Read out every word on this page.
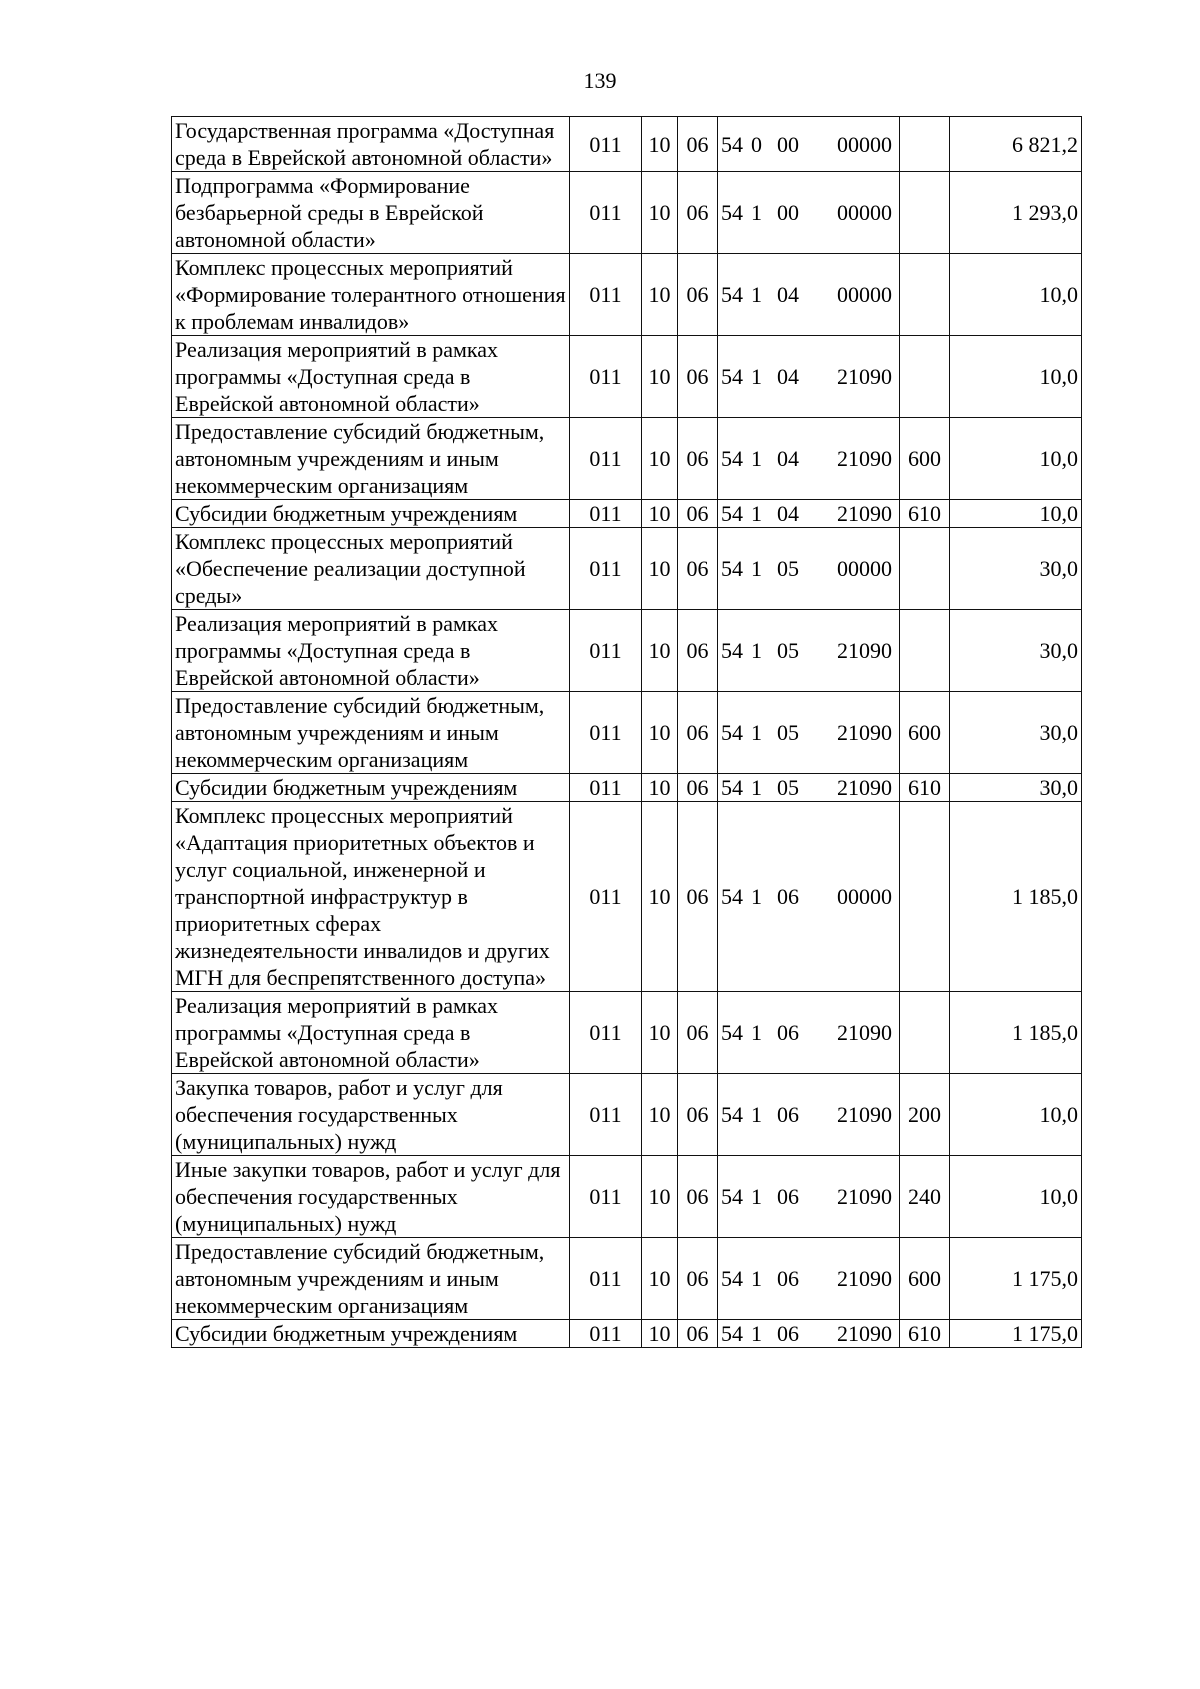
139
Государственная программа «Доступная среда в Еврейской автономной области»	011	10	06	54 0 00 00000		6 821,2
Подпрограмма «Формирование безбарьерной среды в Еврейской автономной области»	011	10	06	54 1 00 00000		1 293,0
Комплекс процессных мероприятий «Формирование толерантного отношения к проблемам инвалидов»	011	10	06	54 1 04 00000		10,0
Реализация мероприятий в рамках программы «Доступная среда в Еврейской автономной области»	011	10	06	54 1 04 21090		10,0
Предоставление субсидий бюджетным, автономным учреждениям и иным некоммерческим организациям	011	10	06	54 1 04 21090	600	10,0
Субсидии бюджетным учреждениям	011	10	06	54 1 04 21090	610	10,0
Комплекс процессных мероприятий «Обеспечение реализации доступной среды»	011	10	06	54 1 05 00000		30,0
Реализация мероприятий в рамках программы «Доступная среда в Еврейской автономной области»	011	10	06	54 1 05 21090		30,0
Предоставление субсидий бюджетным, автономным учреждениям и иным некоммерческим организациям	011	10	06	54 1 05 21090	600	30,0
Субсидии бюджетным учреждениям	011	10	06	54 1 05 21090	610	30,0
Комплекс процессных мероприятий «Адаптация приоритетных объектов и услуг социальной, инженерной и транспортной инфраструктур в приоритетных сферах жизнедеятельности инвалидов и других МГН для беспрепятственного доступа»	011	10	06	54 1 06 00000		1 185,0
Реализация мероприятий в рамках программы «Доступная среда в Еврейской автономной области»	011	10	06	54 1 06 21090		1 185,0
Закупка товаров, работ и услуг для обеспечения государственных (муниципальных) нужд	011	10	06	54 1 06 21090	200	10,0
Иные закупки товаров, работ и услуг для обеспечения государственных (муниципальных) нужд	011	10	06	54 1 06 21090	240	10,0
Предоставление субсидий бюджетным, автономным учреждениям и иным некоммерческим организациям	011	10	06	54 1 06 21090	600	1 175,0
Субсидии бюджетным учреждениям	011	10	06	54 1 06 21090	610	1 175,0
